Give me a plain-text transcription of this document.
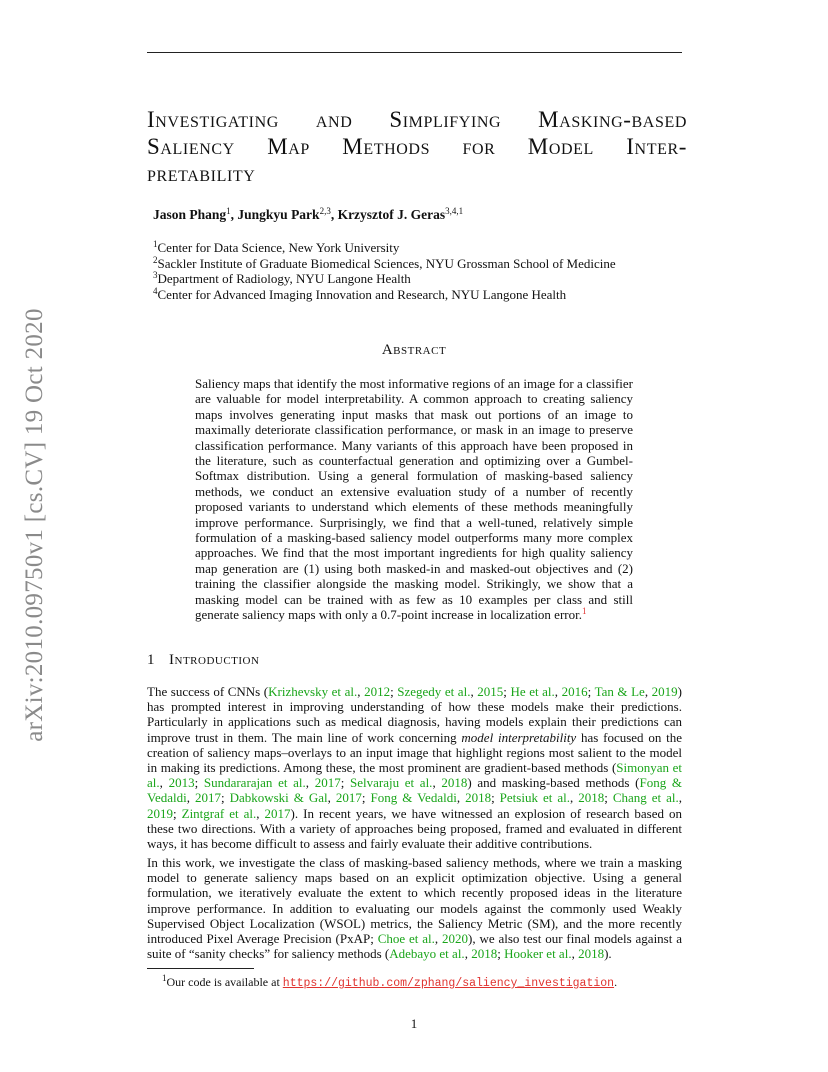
arXiv:2010.09750v1 [cs.CV] 19 Oct 2020
Investigating and Simplifying Masking-based
Saliency Map Methods for Model Inter-
pretability
Jason Phang$^1$, Jungkyu Park$^{2,3}$, Krzysztof J. Geras$^{3,4,1}$
$^1$Center for Data Science, New York University
$^2$Sackler Institute of Graduate Biomedical Sciences, NYU Grossman School of Medicine
$^3$Department of Radiology, NYU Langone Health
$^4$Center for Advanced Imaging Innovation and Research, NYU Langone Health
Abstract
Saliency maps that identify the most informative regions of an image for a classifier are valuable for model interpretability. A common approach to creating saliency maps involves generating input masks that mask out portions of an image to maximally deteriorate classification performance, or mask in an image to preserve classification performance. Many variants of this approach have been proposed in the literature, such as counterfactual generation and optimizing over a Gumbel-Softmax distribution. Using a general formulation of masking-based saliency methods, we conduct an extensive evaluation study of a number of recently proposed variants to understand which elements of these methods meaningfully improve performance. Surprisingly, we find that a well-tuned, relatively simple formulation of a masking-based saliency model outperforms many more complex approaches. We find that the most important ingredients for high quality saliency map generation are (1) using both masked-in and masked-out objectives and (2) training the classifier alongside the masking model. Strikingly, we show that a masking model can be trained with as few as 10 examples per class and still generate saliency maps with only a 0.7-point increase in localization error.$^1$
1 Introduction
The success of CNNs (Krizhevsky et al., 2012; Szegedy et al., 2015; He et al., 2016; Tan & Le, 2019) has prompted interest in improving understanding of how these models make their predictions. Particularly in applications such as medical diagnosis, having models explain their predictions can improve trust in them. The main line of work concerning model interpretability has focused on the creation of saliency maps–overlays to an input image that highlight regions most salient to the model in making its predictions. Among these, the most prominent are gradient-based methods (Simonyan et al., 2013; Sundararajan et al., 2017; Selvaraju et al., 2018) and masking-based methods (Fong & Vedaldi, 2017; Dabkowski & Gal, 2017; Fong & Vedaldi, 2018; Petsiuk et al., 2018; Chang et al., 2019; Zintgraf et al., 2017). In recent years, we have witnessed an explosion of research based on these two directions. With a variety of approaches being proposed, framed and evaluated in different ways, it has become difficult to assess and fairly evaluate their additive contributions.
In this work, we investigate the class of masking-based saliency methods, where we train a masking model to generate saliency maps based on an explicit optimization objective. Using a general formulation, we iteratively evaluate the extent to which recently proposed ideas in the literature improve performance. In addition to evaluating our models against the commonly used Weakly Supervised Object Localization (WSOL) metrics, the Saliency Metric (SM), and the more recently introduced Pixel Average Precision (PxAP; Choe et al., 2020), we also test our final models against a suite of “sanity checks” for saliency methods (Adebayo et al., 2018; Hooker et al., 2018).
$^1$Our code is available at https://github.com/zphang/saliency_investigation.
1
